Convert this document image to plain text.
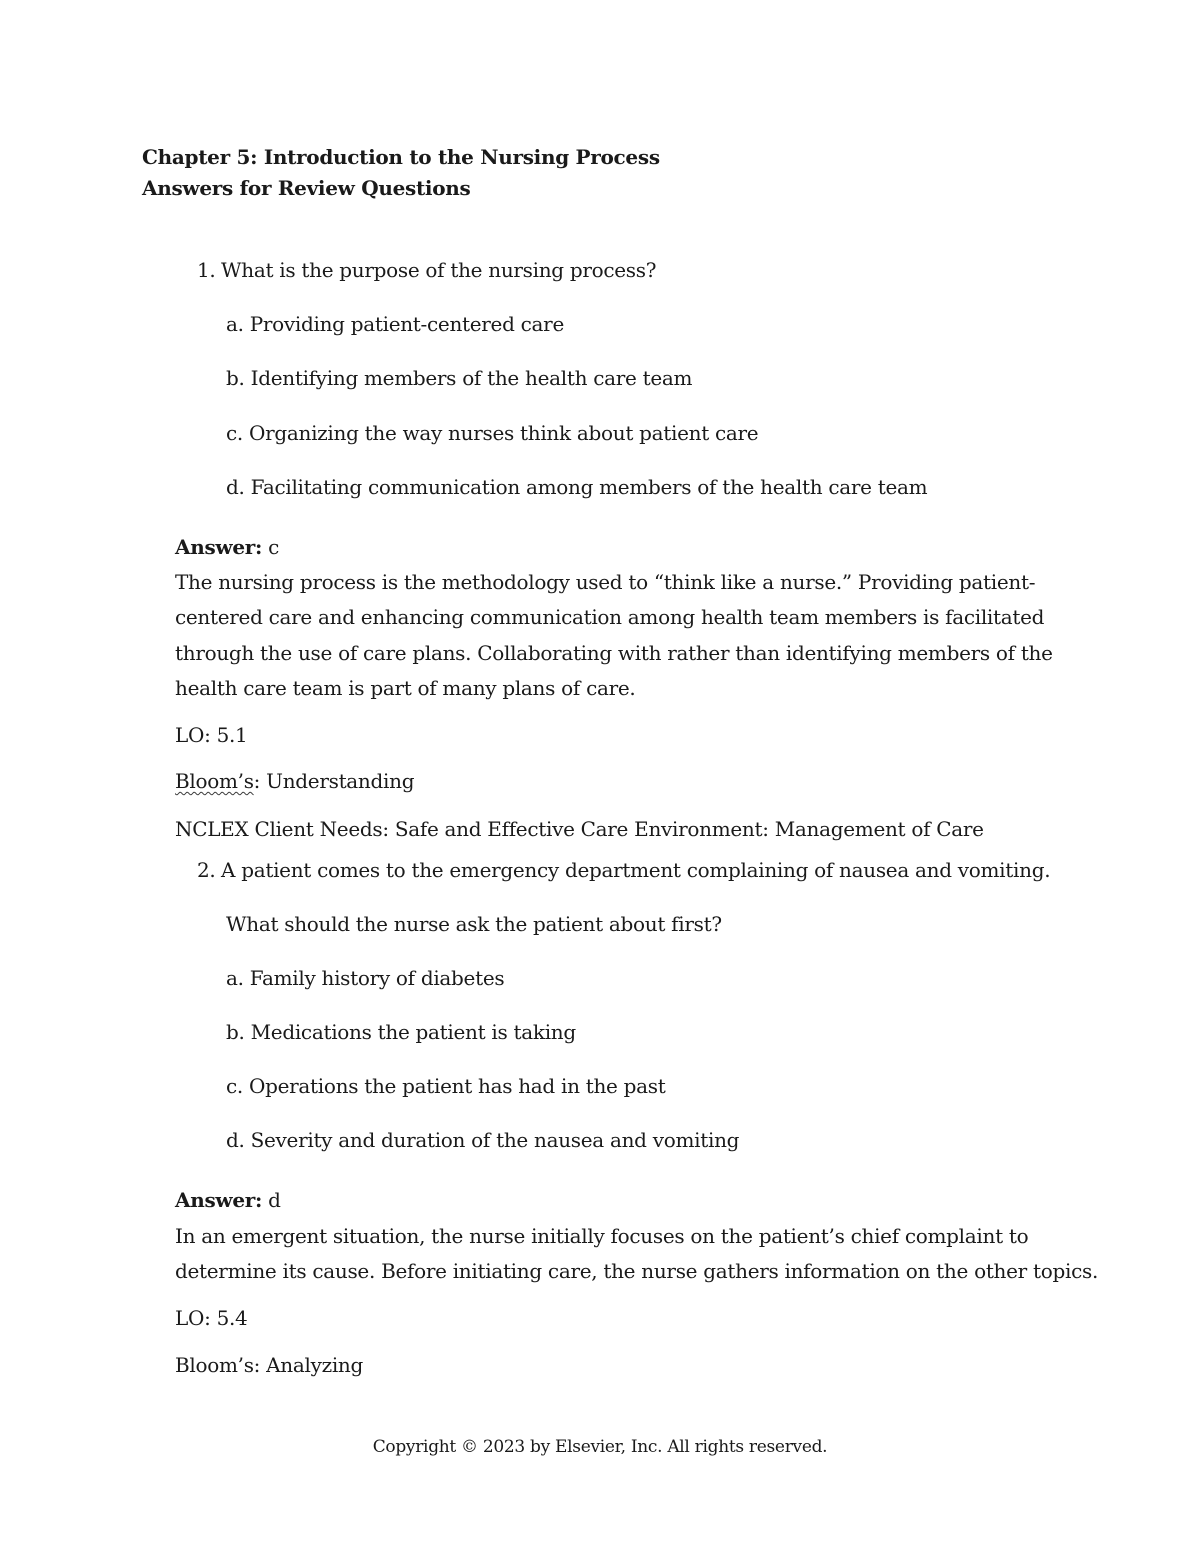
Chapter 5: Introduction to the Nursing Process
Answers for Review Questions
1. What is the purpose of the nursing process?
a. Providing patient-centered care
b. Identifying members of the health care team
c. Organizing the way nurses think about patient care
d. Facilitating communication among members of the health care team
Answer: c
The nursing process is the methodology used to “think like a nurse.” Providing patient-
centered care and enhancing communication among health team members is facilitated
through the use of care plans. Collaborating with rather than identifying members of the
health care team is part of many plans of care.
LO: 5.1
Bloom’s: Understanding
NCLEX Client Needs: Safe and Effective Care Environment: Management of Care
2. A patient comes to the emergency department complaining of nausea and vomiting.
What should the nurse ask the patient about first?
a. Family history of diabetes
b. Medications the patient is taking
c. Operations the patient has had in the past
d. Severity and duration of the nausea and vomiting
Answer: d
In an emergent situation, the nurse initially focuses on the patient’s chief complaint to
determine its cause. Before initiating care, the nurse gathers information on the other topics.
LO: 5.4
Bloom’s: Analyzing
Copyright © 2023 by Elsevier, Inc. All rights reserved.
